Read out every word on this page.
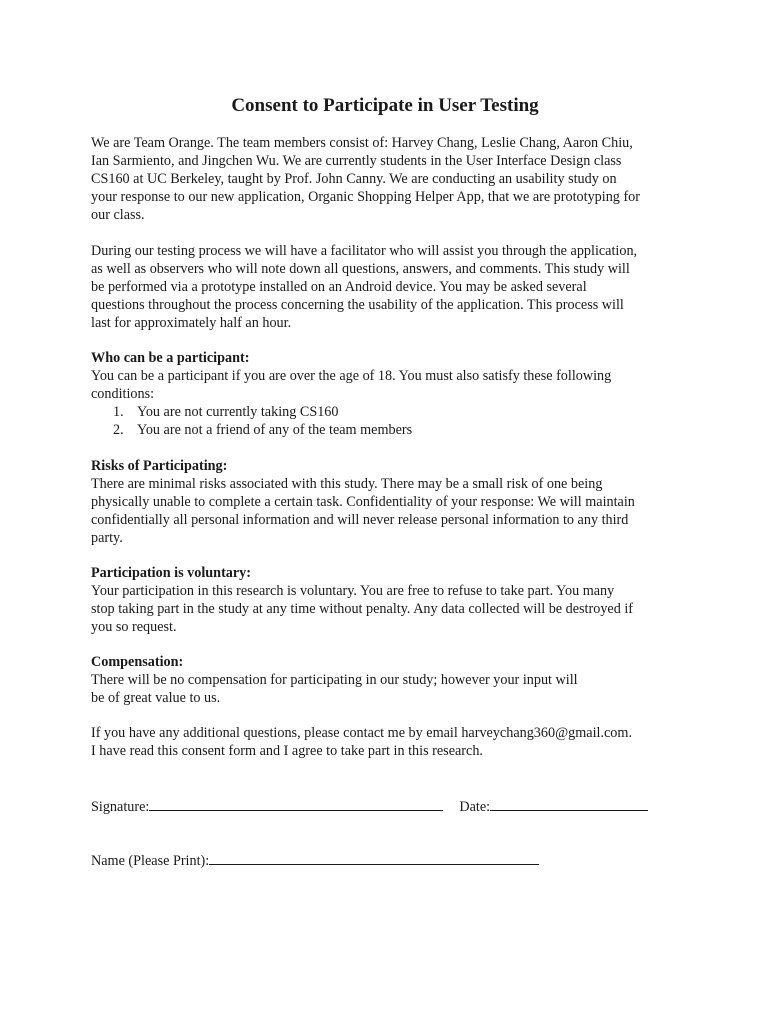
Consent to Participate in User Testing

We are Team Orange. The team members consist of: Harvey Chang, Leslie Chang, Aaron Chiu,

Ian Sarmiento, and Jingchen Wu. We are currently students in the User Interface Design class

CS160 at UC Berkeley, taught by Prof. John Canny. We are conducting an usability study on

your response to our new application, Organic Shopping Helper App, that we are prototyping for

our class.

During our testing process we will have a facilitator who will assist you through the application,

as well as observers who will note down all questions, answers, and comments. This study will

be performed via a prototype installed on an Android device. You may be asked several

questions throughout the process concerning the usability of the application. This process will

last for approximately half an hour.

Who can be a participant:

You can be a participant if you are over the age of 18. You must also satisfy these following

conditions:

1. You are not currently taking CS160

2. You are not a friend of any of the team members

Risks of Participating:

There are minimal risks associated with this study. There may be a small risk of one being

physically unable to complete a certain task. Confidentiality of your response: We will maintain

confidentially all personal information and will never release personal information to any third

party.

Participation is voluntary:

Your participation in this research is voluntary. You are free to refuse to take part. You many

stop taking part in the study at any time without penalty. Any data collected will be destroyed if

you so request.

Compensation:

There will be no compensation for participating in our study; however your input will

be of great value to us.

If you have any additional questions, please contact me by email harveychang360@gmail.com.

I have read this consent form and I agree to take part in this research.

Signature:	Date:
Name (Please Print):
